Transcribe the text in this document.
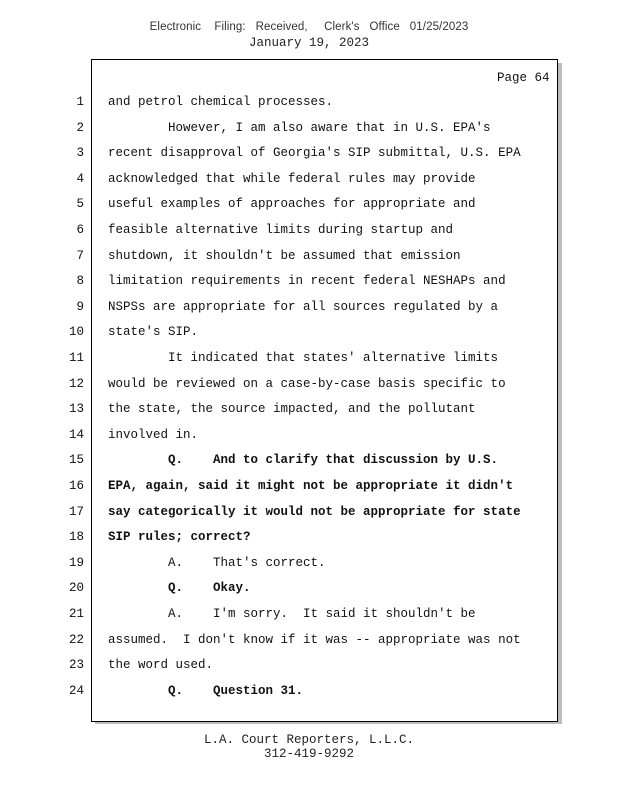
Electronic    Filing:   Received,     Clerk's   Office   01/25/2023
January 19, 2023
Page 64
1 and petrol chemical processes.
2 However, I am also aware that in U.S. EPA's
3 recent disapproval of Georgia's SIP submittal, U.S. EPA
4 acknowledged that while federal rules may provide
5 useful examples of approaches for appropriate and
6 feasible alternative limits during startup and
7 shutdown, it shouldn't be assumed that emission
8 limitation requirements in recent federal NESHAPs and
9 NSPSs are appropriate for all sources regulated by a
10 state's SIP.
11 It indicated that states' alternative limits
12 would be reviewed on a case-by-case basis specific to
13 the state, the source impacted, and the pollutant
14 involved in.
15 Q.    And to clarify that discussion by U.S.
16 EPA, again, said it might not be appropriate it didn't
17 say categorically it would not be appropriate for state
18 SIP rules; correct?
19 A.    That's correct.
20 Q.    Okay.
21 A.    I'm sorry.  It said it shouldn't be
22 assumed.  I don't know if it was -- appropriate was not
23 the word used.
24 Q.    Question 31.
L.A. Court Reporters, L.L.C.
312-419-9292
